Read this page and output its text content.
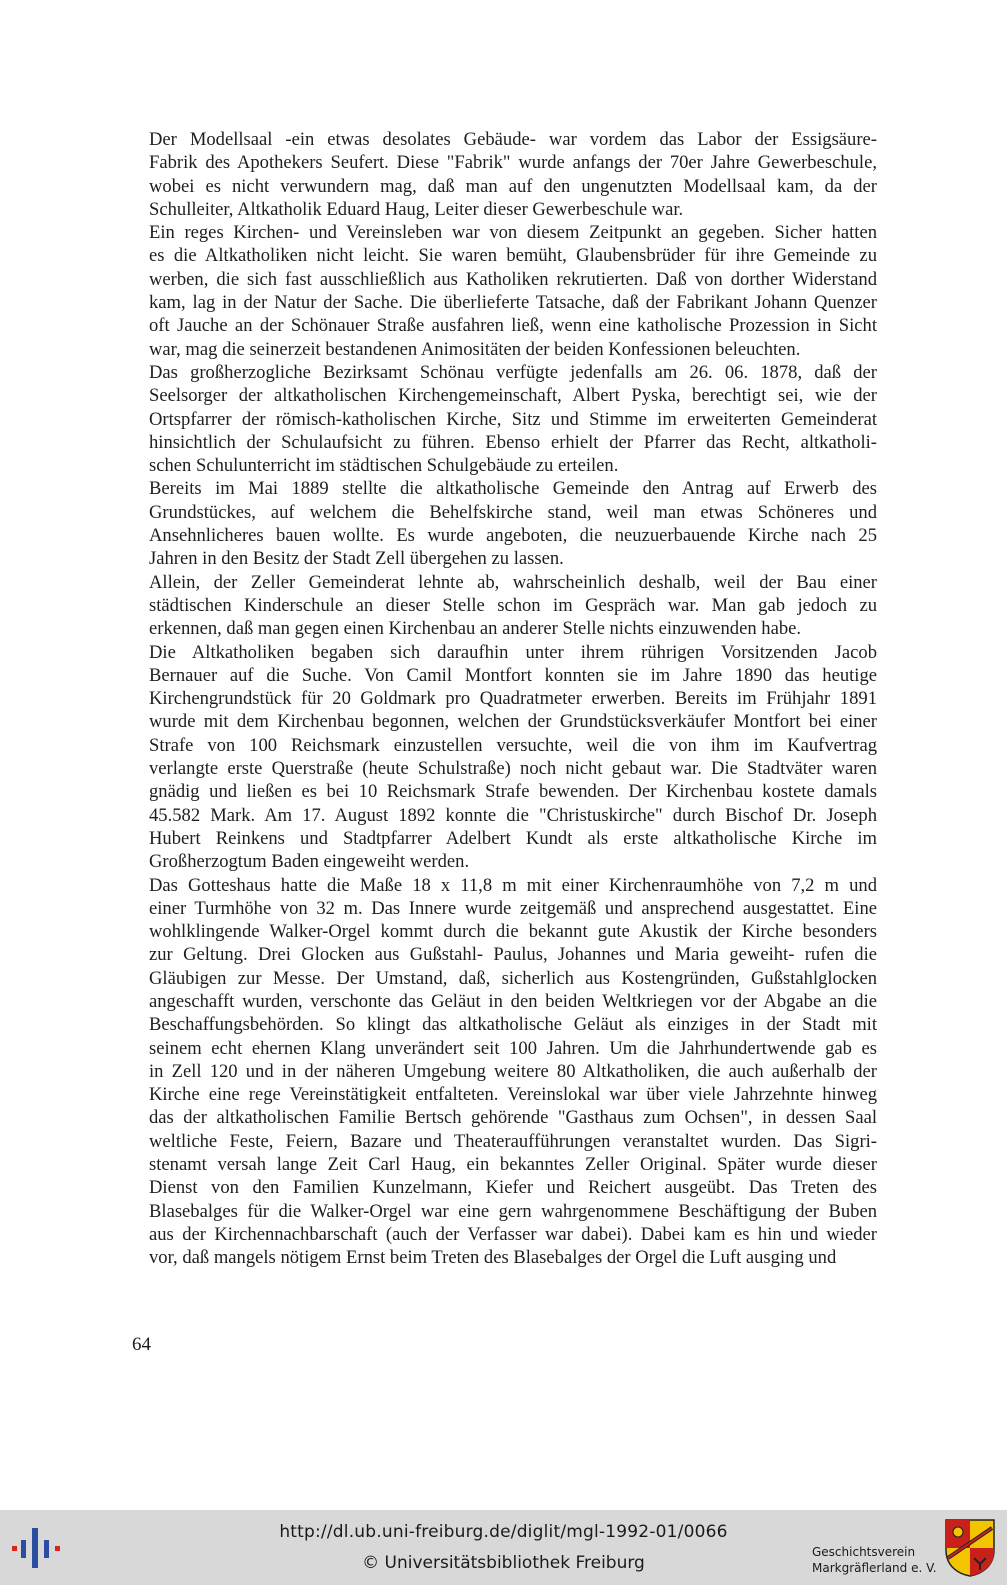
Der Modellsaal -ein etwas desolates Gebäude- war vordem das Labor der Essigsäure-
Fabrik des Apothekers Seufert. Diese "Fabrik" wurde anfangs der 70er Jahre Gewerbeschule,
wobei es nicht verwundern mag, daß man auf den ungenutzten Modellsaal kam, da der
Schulleiter, Altkatholik Eduard Haug, Leiter dieser Gewerbeschule war.

Ein reges Kirchen- und Vereinsleben war von diesem Zeitpunkt an gegeben. Sicher hatten
es die Altkatholiken nicht leicht. Sie waren bemüht, Glaubensbrüder für ihre Gemeinde zu
werben, die sich fast ausschließlich aus Katholiken rekrutierten. Daß von dorther Widerstand
kam, lag in der Natur der Sache. Die überlieferte Tatsache, daß der Fabrikant Johann Quenzer
oft Jauche an der Schönauer Straße ausfahren ließ, wenn eine katholische Prozession in Sicht
war, mag die seinerzeit bestandenen Animositäten der beiden Konfessionen beleuchten.

Das großherzogliche Bezirksamt Schönau verfügte jedenfalls am 26. 06. 1878, daß der
Seelsorger der altkatholischen Kirchengemeinschaft, Albert Pyska, berechtigt sei, wie der
Ortspfarrer der römisch-katholischen Kirche, Sitz und Stimme im erweiterten Gemeinderat
hinsichtlich der Schulaufsicht zu führen. Ebenso erhielt der Pfarrer das Recht, altkatholi-
schen Schulunterricht im städtischen Schulgebäude zu erteilen.

Bereits im Mai 1889 stellte die altkatholische Gemeinde den Antrag auf Erwerb des
Grundstückes, auf welchem die Behelfskirche stand, weil man etwas Schöneres und
Ansehnlicheres bauen wollte. Es wurde angeboten, die neuzuerbauende Kirche nach 25
Jahren in den Besitz der Stadt Zell übergehen zu lassen.

Allein, der Zeller Gemeinderat lehnte ab, wahrscheinlich deshalb, weil der Bau einer
städtischen Kinderschule an dieser Stelle schon im Gespräch war. Man gab jedoch zu
erkennen, daß man gegen einen Kirchenbau an anderer Stelle nichts einzuwenden habe.

Die Altkatholiken begaben sich daraufhin unter ihrem rührigen Vorsitzenden Jacob
Bernauer auf die Suche. Von Camil Montfort konnten sie im Jahre 1890 das heutige
Kirchengrundstück für 20 Goldmark pro Quadratmeter erwerben. Bereits im Frühjahr 1891
wurde mit dem Kirchenbau begonnen, welchen der Grundstücksverkäufer Montfort bei einer
Strafe von 100 Reichsmark einzustellen versuchte, weil die von ihm im Kaufvertrag
verlangte erste Querstraße (heute Schulstraße) noch nicht gebaut war. Die Stadtväter waren
gnädig und ließen es bei 10 Reichsmark Strafe bewenden. Der Kirchenbau kostete damals
45.582 Mark. Am 17. August 1892 konnte die "Christuskirche" durch Bischof Dr. Joseph
Hubert Reinkens und Stadtpfarrer Adelbert Kundt als erste altkatholische Kirche im
Großherzogtum Baden eingeweiht werden.

Das Gotteshaus hatte die Maße 18 x 11,8 m mit einer Kirchenraumhöhe von 7,2 m und
einer Turmhöhe von 32 m. Das Innere wurde zeitgemäß und ansprechend ausgestattet. Eine
wohlklingende Walker-Orgel kommt durch die bekannt gute Akustik der Kirche besonders
zur Geltung. Drei Glocken aus Gußstahl- Paulus, Johannes und Maria geweiht- rufen die
Gläubigen zur Messe. Der Umstand, daß, sicherlich aus Kostengründen, Gußstahlglocken
angeschafft wurden, verschonte das Geläut in den beiden Weltkriegen vor der Abgabe an die
Beschaffungsbehörden. So klingt das altkatholische Geläut als einziges in der Stadt mit
seinem echt ehernen Klang unverändert seit 100 Jahren. Um die Jahrhundertwende gab es
in Zell 120 und in der näheren Umgebung weitere 80 Altkatholiken, die auch außerhalb der
Kirche eine rege Vereinstätigkeit entfalteten. Vereinslokal war über viele Jahrzehnte hinweg
das der altkatholischen Familie Bertsch gehörende "Gasthaus zum Ochsen", in dessen Saal
weltliche Feste, Feiern, Bazare und Theateraufführungen veranstaltet wurden. Das Sigri-
stenamt versah lange Zeit Carl Haug, ein bekanntes Zeller Original. Später wurde dieser
Dienst von den Familien Kunzelmann, Kiefer und Reichert ausgeübt. Das Treten des
Blasebalges für die Walker-Orgel war eine gern wahrgenommene Beschäftigung der Buben
aus der Kirchennachbarschaft (auch der Verfasser war dabei). Dabei kam es hin und wieder
vor, daß mangels nötigem Ernst beim Treten des Blasebalges der Orgel die Luft ausging und

64
http://dl.ub.uni-freiburg.de/diglit/mgl-1992-01/0066
© Universitätsbibliothek Freiburg
Geschichtsverein
Markgräflerland e. V.
